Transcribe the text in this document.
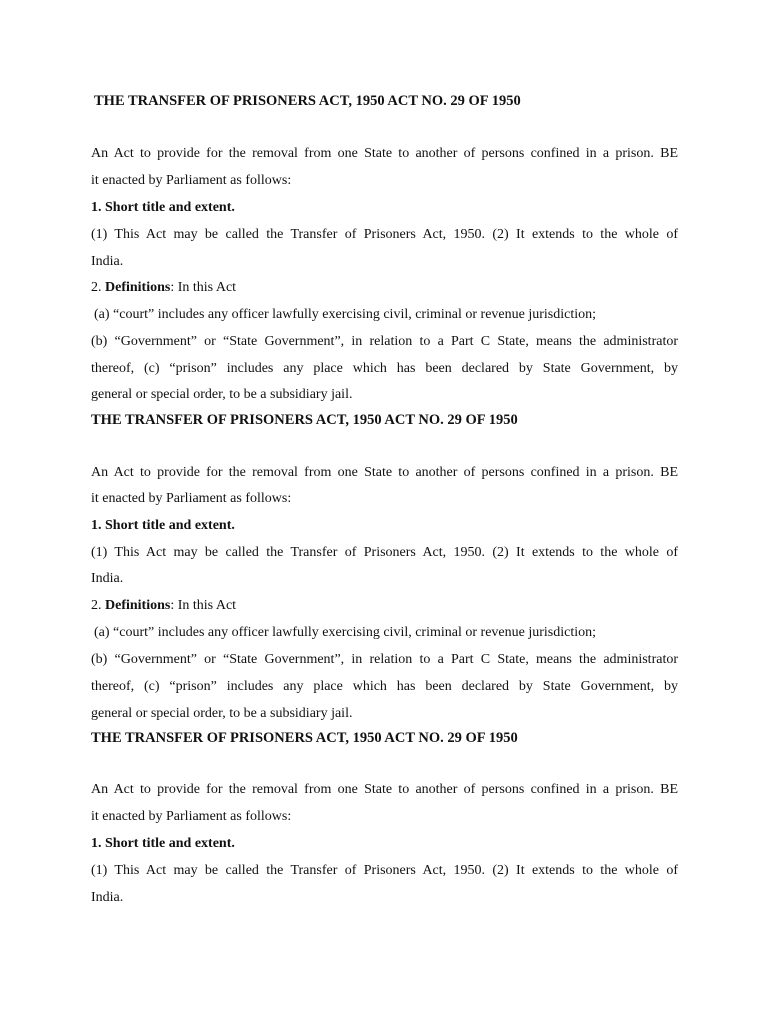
THE TRANSFER OF PRISONERS ACT, 1950 ACT NO. 29 OF 1950

An Act to provide for the removal from one State to another of persons confined in a prison. BE

it enacted by Parliament as follows:

1. Short title and extent.

(1) This Act may be called the Transfer of Prisoners Act, 1950. (2) It extends to the whole of

India.

2. Definitions: In this Act

(a) “court” includes any officer lawfully exercising civil, criminal or revenue jurisdiction;

(b) “Government” or “State Government”, in relation to a Part C State, means the administrator

thereof, (c) “prison” includes any place which has been declared by State Government, by

general or special order, to be a subsidiary jail.

THE TRANSFER OF PRISONERS ACT, 1950 ACT NO. 29 OF 1950

An Act to provide for the removal from one State to another of persons confined in a prison. BE

it enacted by Parliament as follows:

1. Short title and extent.

(1) This Act may be called the Transfer of Prisoners Act, 1950. (2) It extends to the whole of

India.

2. Definitions: In this Act

(a) “court” includes any officer lawfully exercising civil, criminal or revenue jurisdiction;

(b) “Government” or “State Government”, in relation to a Part C State, means the administrator

thereof, (c) “prison” includes any place which has been declared by State Government, by

general or special order, to be a subsidiary jail.

THE TRANSFER OF PRISONERS ACT, 1950 ACT NO. 29 OF 1950

An Act to provide for the removal from one State to another of persons confined in a prison. BE

it enacted by Parliament as follows:

1. Short title and extent.

(1) This Act may be called the Transfer of Prisoners Act, 1950. (2) It extends to the whole of

India.
